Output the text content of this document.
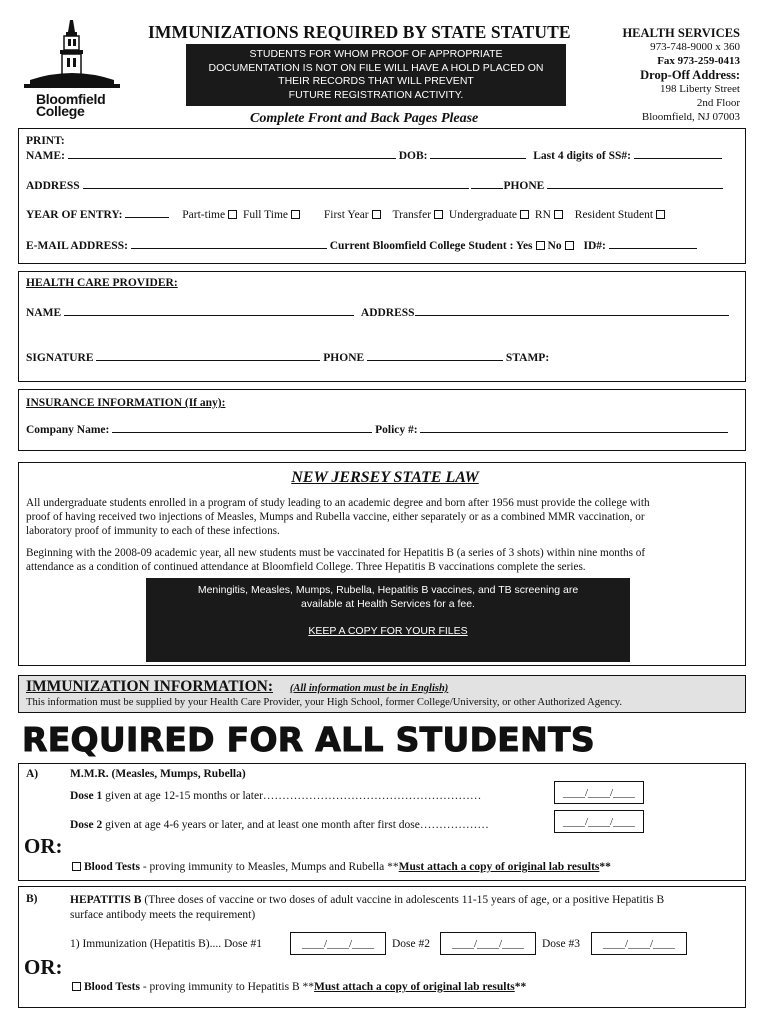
Bloomfield
College
IMMUNIZATIONS REQUIRED BY STATE STATUTE
STUDENTS FOR WHOM PROOF OF APPROPRIATE
DOCUMENTATION IS NOT ON FILE WILL HAVE A HOLD PLACED ON
THEIR RECORDS THAT WILL PREVENT
FUTURE REGISTRATION ACTIVITY.
Complete Front and Back Pages Please
HEALTH SERVICES
973-748-9000 x 360
Fax 973-259-0413
Drop-Off Address:
198 Liberty Street
2nd Floor
Bloomfield, NJ 07003
PRINT:
NAME:	DOB:	Last 4 digits of SS#:
ADDRESS	PHONE
YEAR OF ENTRY:	Part-time Full Time	First Year Transfer Undergraduate RN Resident Student
E-MAIL ADDRESS:	Current Bloomfield College Student : Yes No ID#:
HEALTH CARE PROVIDER:
NAME	ADDRESS
SIGNATURE	PHONE	STAMP:
INSURANCE INFORMATION (If any):
Company Name:	Policy #:
NEW JERSEY STATE LAW
All undergraduate students enrolled in a program of study leading to an academic degree and born after 1956 must provide the college with
proof of having received two injections of Measles, Mumps and Rubella vaccine, either separately or as a combined MMR vaccination, or
laboratory proof of immunity to each of these infections.
Beginning with the 2008-09 academic year, all new students must be vaccinated for Hepatitis B (a series of 3 shots) within nine months of
attendance as a condition of continued attendance at Bloomfield College. Three Hepatitis B vaccinations complete the series.
Meningitis, Measles, Mumps, Rubella, Hepatitis B vaccines, and TB screening are
available at Health Services for a fee.
KEEP A COPY FOR YOUR FILES
IMMUNIZATION INFORMATION: (All information must be in English)
This information must be supplied by your Health Care Provider, your High School, former College/University, or other Authorized Agency.
REQUIRED FOR ALL STUDENTS
A)	M.M.R. (Measles, Mumps, Rubella)
Dose 1 given at age 12-15 months or later…………………………………………………	____/____/____
Dose 2 given at age 4-6 years or later, and at least one month after first dose………………	____/____/____
OR:
Blood Tests - proving immunity to Measles, Mumps and Rubella **Must attach a copy of original lab results**
B)	HEPATITIS B (Three doses of vaccine or two doses of adult vaccine in adolescents 11-15 years of age, or a positive Hepatitis B
surface antibody meets the requirement)
1) Immunization (Hepatitis B).... Dose #1	____/____/____	Dose #2	____/____/____	Dose #3	____/____/____
OR:
Blood Tests - proving immunity to Hepatitis B **Must attach a copy of original lab results**
